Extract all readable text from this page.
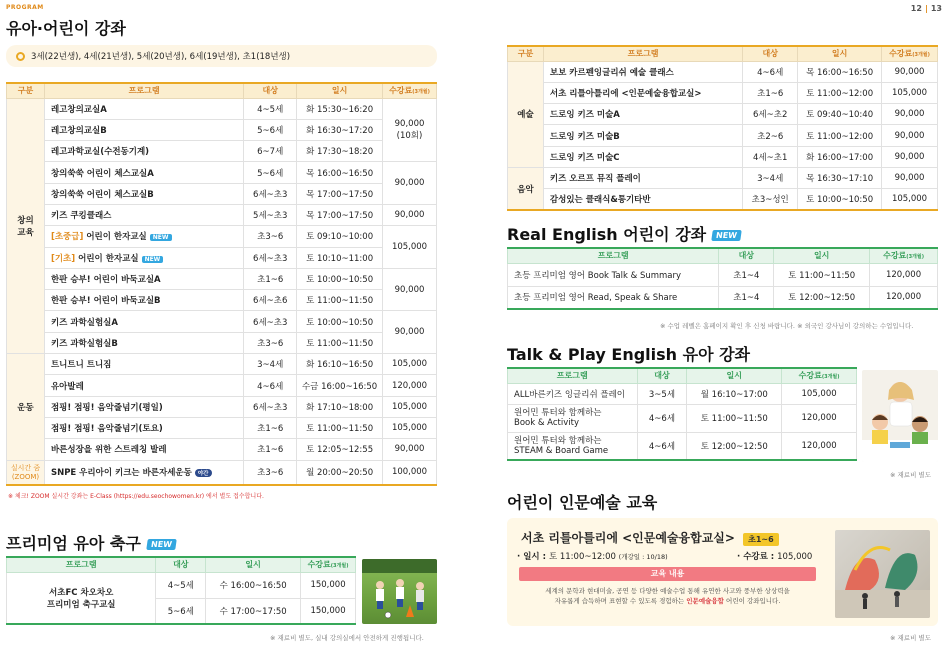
PROGRAM	12 | 13
유아·어린이 강좌
3세(22년생), 4세(21년생), 5세(20년생), 6세(19년생), 초1(18년생)
구분	프로그램	대상	일시	수강료(3개월)
창의
교육	레고창의교실A	4~5세	화 15:30~16:20	90,000
(10회)
	레고창의교실B	5~6세	화 16:30~17:20	
	레고과학교실(수전동기계)	6~7세	화 17:30~18:20	
	창의쑥쑥 어린이 체스교실A	5~6세	목 16:00~16:50	90,000
	창의쑥쑥 어린이 체스교실B	6세~초3	목 17:00~17:50	
	키즈 쿠킹클래스	5세~초3	목 17:00~17:50	90,000
	[초중급] 어린이 한자교실 NEW	초3~6	토 09:10~10:00	105,000
	[기초] 어린이 한자교실 NEW	6세~초3	토 10:10~11:00	
	한판 승부! 어린이 바둑교실A	초1~6	토 10:00~10:50	90,000
	한판 승부! 어린이 바둑교실B	6세~초6	토 11:00~11:50	
	키즈 과학실험실A	6세~초3	토 10:00~10:50	90,000
	키즈 과학실험실B	초3~6	토 11:00~11:50	
운동	트니트니 트니짐	3~4세	화 16:10~16:50	105,000
	유아발레	4~6세	수금 16:00~16:50	120,000
	점핑! 점핑! 음악줄넘기(평일)	6세~초3	화 17:10~18:00	105,000
	점핑! 점핑! 음악줄넘기(토요)	초1~6	토 11:00~11:50	105,000
	바른성장을 위한 스트레칭 발레	초1~6	토 12:05~12:55	90,000
실시간 줌
(ZOOM)	SNPE 우리아이 키크는 바른자세운동 야간	초3~6	월 20:00~20:50	100,000
※ 체크! ZOOM 실시간 강좌는 E-Class (https://edu.seochowomen.kr) 에서 별도 접수합니다.
프리미엄 유아 축구 NEW
프로그램	대상	일시	수강료(3개월)
서초FC 차오차오
프리미엄 축구교실	4~5세	수 16:00~16:50	150,000
	5~6세	수 17:00~17:50	150,000
※ 재료비 별도, 실내 강의실에서 안전하게 진행됩니다.
구분	프로그램	대상	일시	수강료(3개월)
예술	보보 카르펜잉글리쉬 예술 클래스	4~6세	목 16:00~16:50	90,000
	서초 리틀아틀리에 <인문예술융합교실>	초1~6	토 11:00~12:00	105,000
	드로잉 키즈 미술A	6세~초2	토 09:40~10:40	90,000
	드로잉 키즈 미술B	초2~6	토 11:00~12:00	90,000
	드로잉 키즈 미술C	4세~초1	화 16:00~17:00	90,000
음악	키즈 오르프 뮤직 플레이	3~4세	목 16:30~17:10	90,000
	감성있는 클래식&통기타반	초3~성인	토 10:00~10:50	105,000
Real English 어린이 강좌 NEW
프로그램	대상	일시	수강료(3개월)
초등 프리미엄 영어 Book Talk & Summary	초1~4	토 11:00~11:50	120,000
초등 프리미엄 영어 Read, Speak & Share	초1~4	토 12:00~12:50	120,000
※ 수업 레벨은 홈페이지 확인 후 신청 바랍니다. ※ 외국인 강사님이 강의하는 수업입니다.
Talk & Play English 유아 강좌
프로그램	대상	일시	수강료(3개월)
ALL바른키즈 잉글리쉬 플레이	3~5세	월 16:10~17:00	105,000
원어민 튜터와 함께하는
Book & Activity	4~6세	토 11:00~11:50	120,000
원어민 튜터와 함께하는
STEAM & Board Game	4~6세	토 12:00~12:50	120,000
※ 재료비 별도
어린이 인문예술 교육
서초 리틀아틀리에 <인문예술융합교실> 초1~6
· 일시 : 토 11:00~12:00 (개강일 : 10/18)	· 수강료 : 105,000
교육 내용
세계의 문학과 현대미술, 공연 등 다양한 예술수업 통해 유연한 사고와 풍부한 상상력을
자유롭게 습득하며 표현할 수 있도록 경험하는 인문예술융합 어린이 강좌입니다.
※ 재료비 별도
